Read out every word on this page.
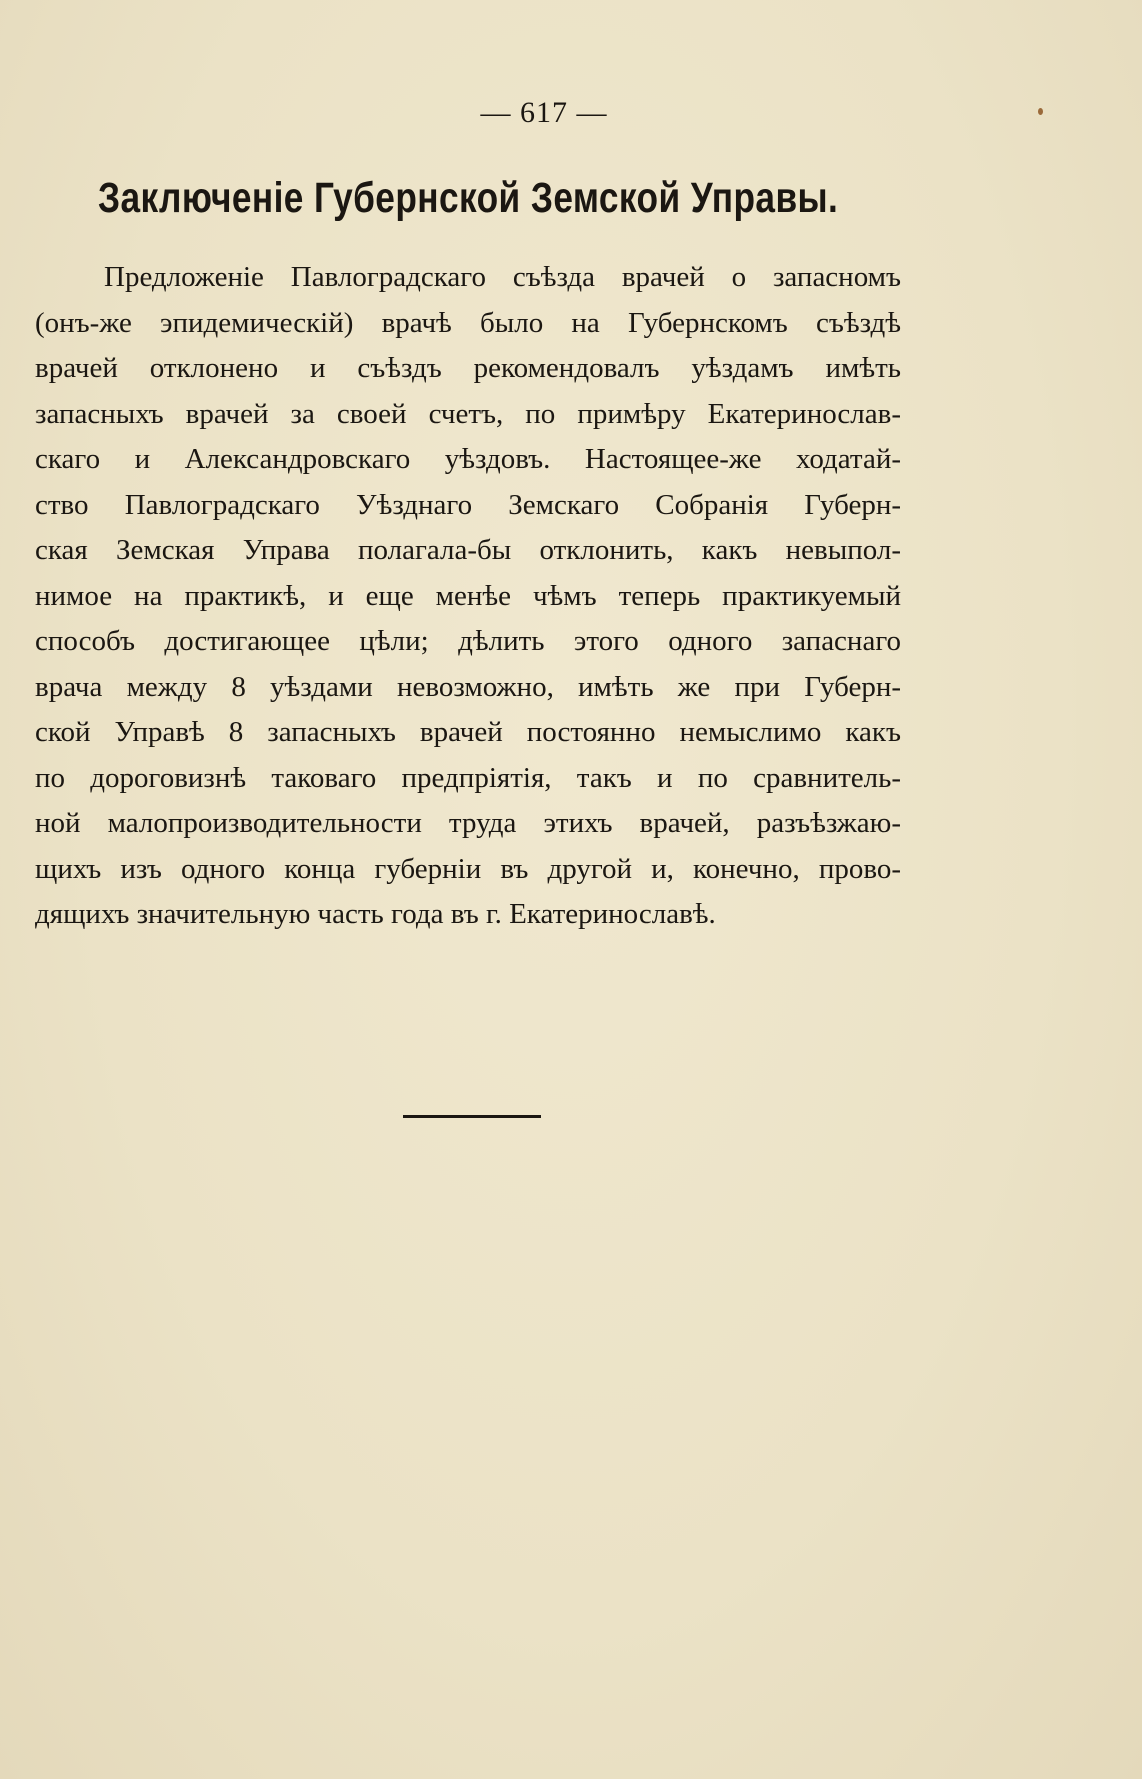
— 617 —
Заключеніе Губернской Земской Управы.
Предложеніе Павлоградскаго съѣзда врачей о запасномъ
(онъ-же эпидемическій) врачѣ было на Губернскомъ съѣздѣ
врачей отклонено и съѣздъ рекомендовалъ уѣздамъ имѣть
запасныхъ врачей за своей счетъ, по примѣру Екатеринослав-
скаго и Александровскаго уѣздовъ. Настоящее-же ходатай-
ство Павлоградскаго Уѣзднаго Земскаго Собранія Губерн-
ская Земская Управа полагала-бы отклонить, какъ невыпол-
нимое на практикѣ, и еще менѣе чѣмъ теперь практикуемый
способъ достигающее цѣли; дѣлить этого одного запаснаго
врача между 8 уѣздами невозможно, имѣть же при Губерн-
ской Управѣ 8 запасныхъ врачей постоянно немыслимо какъ
по дороговизнѣ таковаго предпріятія, такъ и по сравнитель-
ной малопроизводительности труда этихъ врачей, разъѣзжаю-
щихъ изъ одного конца губерніи въ другой и, конечно, прово-
дящихъ значительную часть года въ г. Екатеринославѣ.
